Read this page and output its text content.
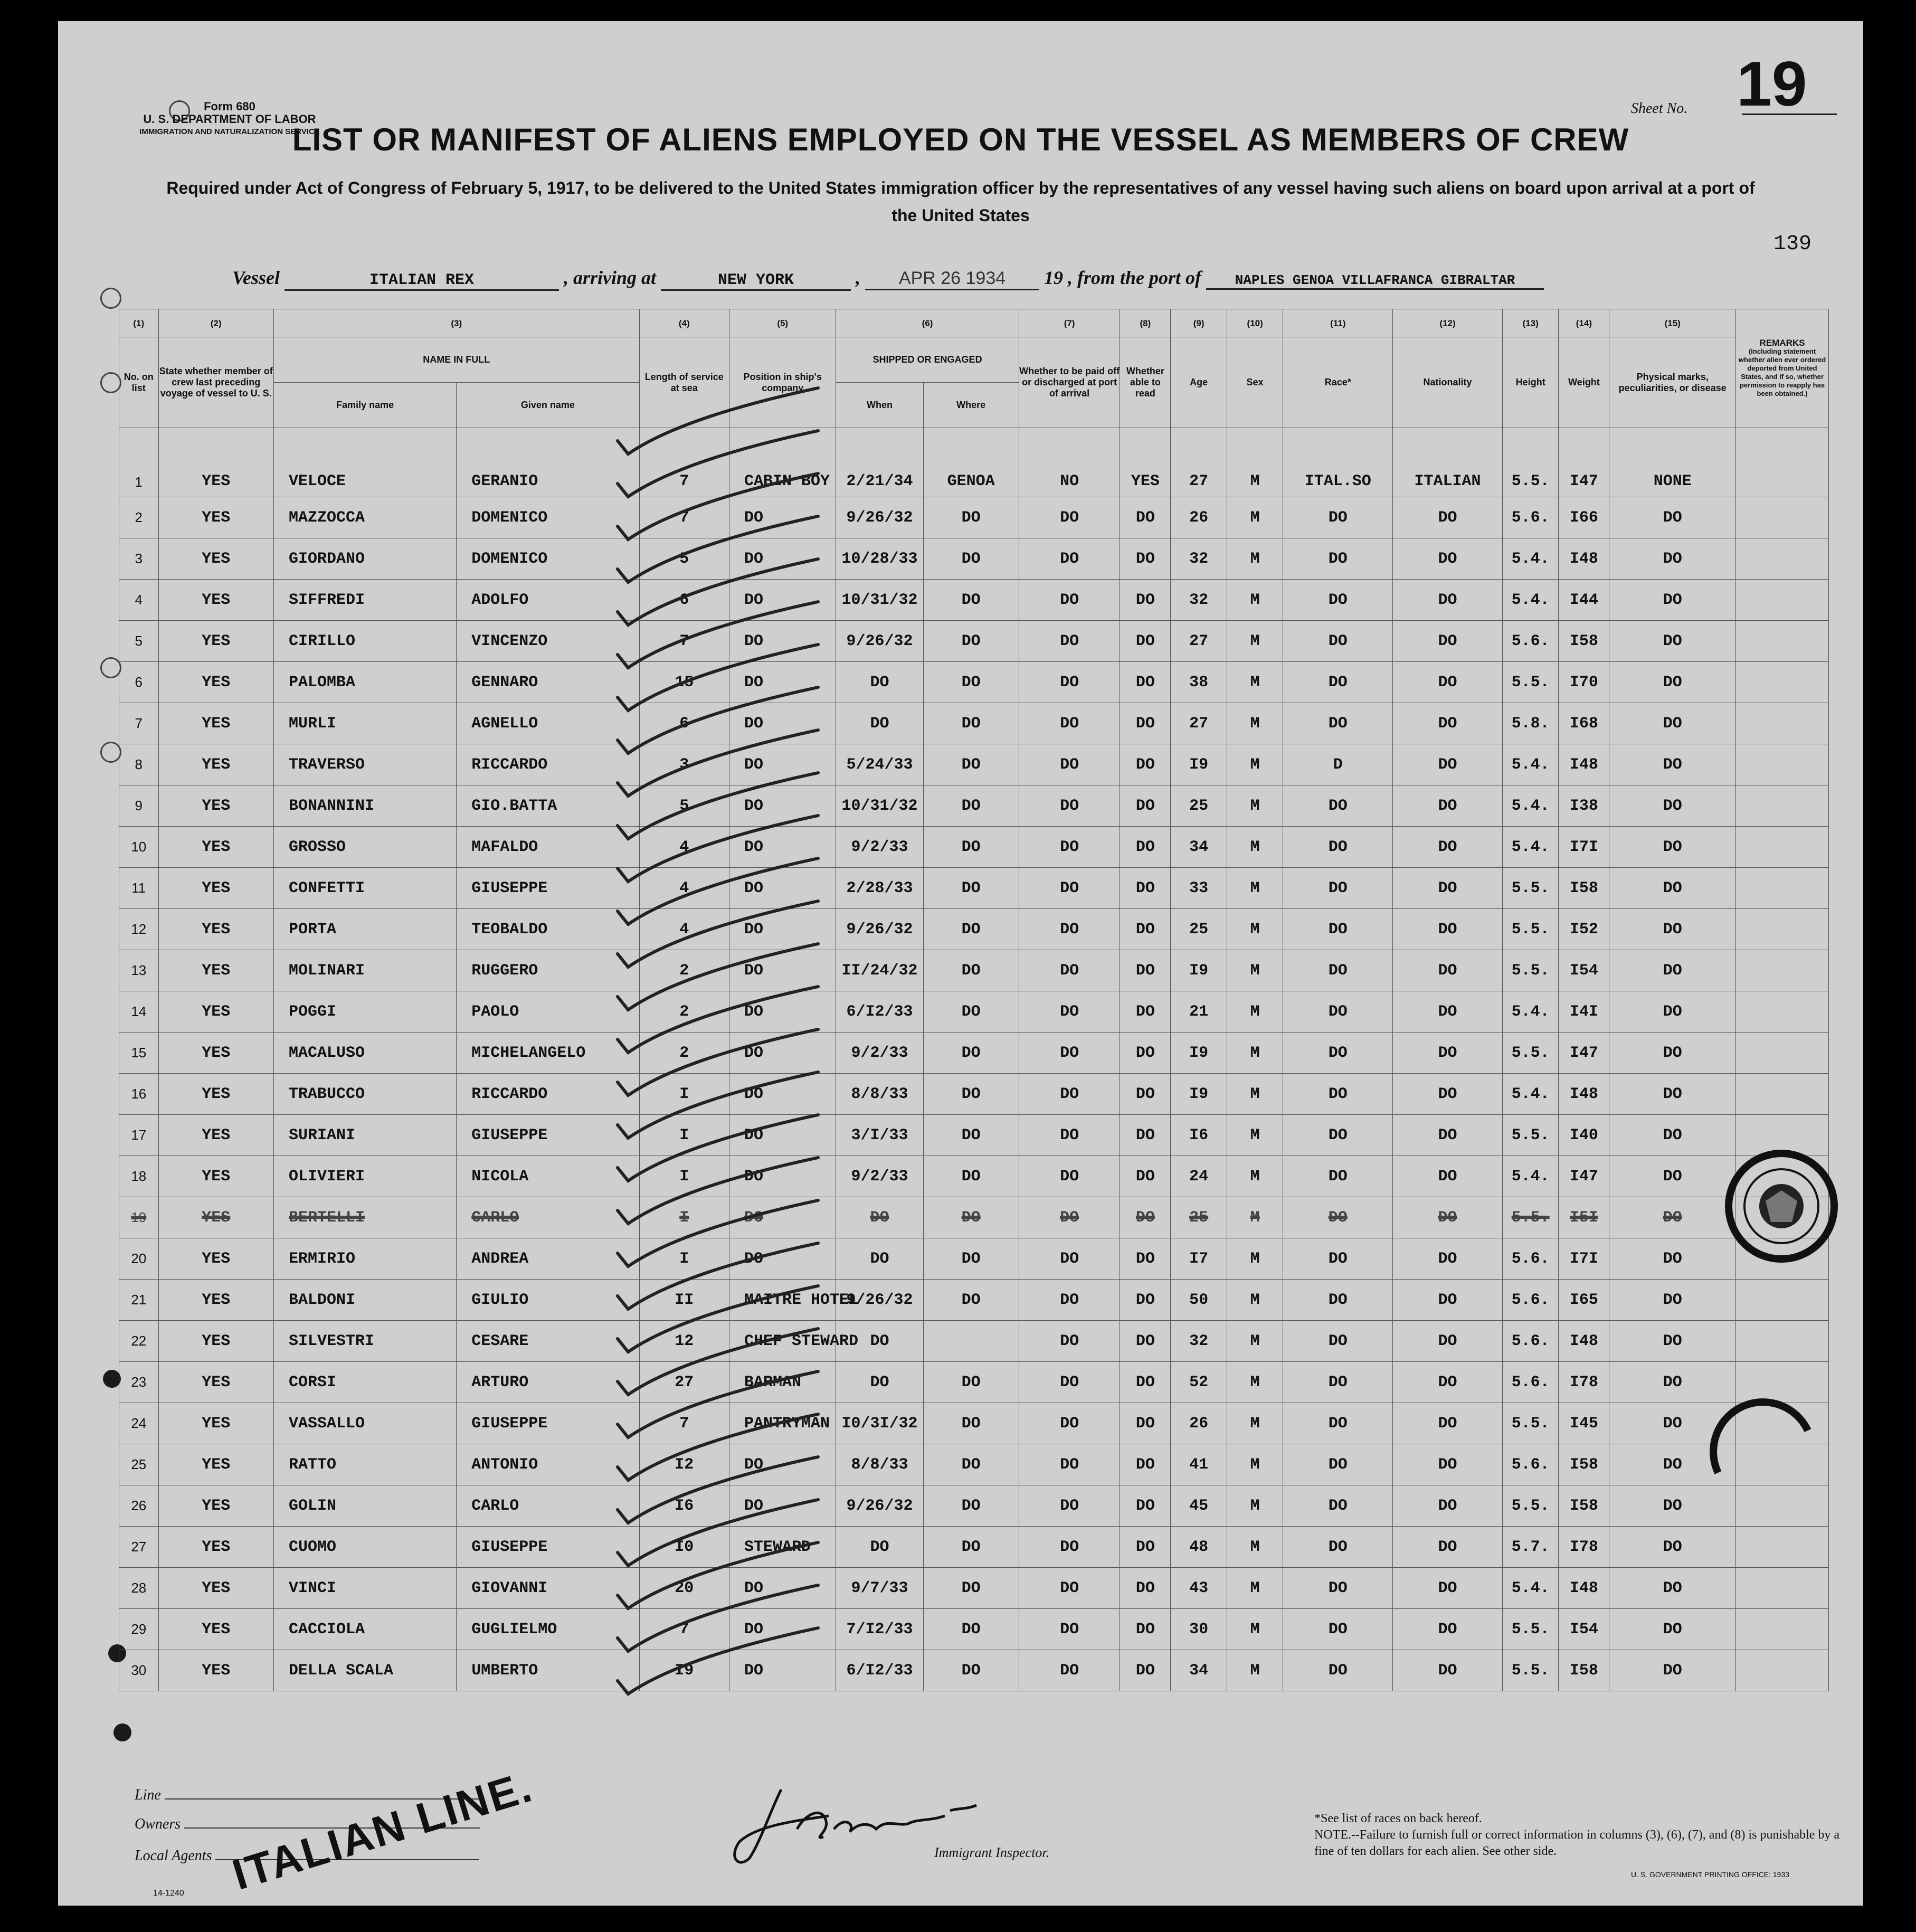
Form 680
U. S. DEPARTMENT OF LABOR
IMMIGRATION AND NATURALIZATION SERVICE
Sheet No. 19
LIST OR MANIFEST OF ALIENS EMPLOYED ON THE VESSEL AS MEMBERS OF CREW
Required under Act of Congress of February 5, 1917, to be delivered to the United States immigration officer by the representatives of any vessel having such aliens on board upon arrival at a port of the United States
139
Vessel	ITALIAN REX	, arriving at	NEW YORK	, APR 26 1934 19 , from the port of NAPLES GENOA VILLAFRANCA GIBRALTAR
(1)	(2)	(3)		(4)	(5)	(6)		(7)	(8)	(9)	(10)	(11)	(12)	(13)	(14)	(15)	REMARKS
(Including statement whether alien ever ordered deported from United States, and if so, whether permission to reapply has been obtained.)

No. on list	State whether member of crew last preceding voyage of vessel to U. S.	NAME IN FULL		Length of service at sea	Position in ship's company	SHIPPED OR ENGAGED		Whether to be paid off or discharged at port of arrival	Whether able to read	Age	Sex	Race*	Nationality	Height	Weight	Physical marks, peculiarities, or disease	
		Family name	Given name			When	Where										
1	YES	VELOCE	GERANIO	7	CABIN BOY	2/21/34	GENOA	NO	YES	27	M	ITAL.SO	ITALIAN	5.5.	I47	NONE	
2	YES	MAZZOCCA	DOMENICO	7	DO	9/26/32	DO	DO	DO	26	M	DO	DO	5.6.	I66	DO	
3	YES	GIORDANO	DOMENICO	5	DO	10/28/33	DO	DO	DO	32	M	DO	DO	5.4.	I48	DO	
4	YES	SIFFREDI	ADOLFO	6	DO	10/31/32	DO	DO	DO	32	M	DO	DO	5.4.	I44	DO	
5	YES	CIRILLO	VINCENZO	7	DO	9/26/32	DO	DO	DO	27	M	DO	DO	5.6.	I58	DO	
6	YES	PALOMBA	GENNARO	15	DO	DO	DO	DO	DO	38	M	DO	DO	5.5.	I70	DO	
7	YES	MURLI	AGNELLO	6	DO	DO	DO	DO	DO	27	M	DO	DO	5.8.	I68	DO	
8	YES	TRAVERSO	RICCARDO	3	DO	5/24/33	DO	DO	DO	I9	M	D	DO	5.4.	I48	DO	
9	YES	BONANNINI	GIO.BATTA	5	DO	10/31/32	DO	DO	DO	25	M	DO	DO	5.4.	I38	DO	
10	YES	GROSSO	MAFALDO	4	DO	9/2/33	DO	DO	DO	34	M	DO	DO	5.4.	I7I	DO	
11	YES	CONFETTI	GIUSEPPE	4	DO	2/28/33	DO	DO	DO	33	M	DO	DO	5.5.	I58	DO	
12	YES	PORTA	TEOBALDO	4	DO	9/26/32	DO	DO	DO	25	M	DO	DO	5.5.	I52	DO	
13	YES	MOLINARI	RUGGERO	2	DO	II/24/32	DO	DO	DO	I9	M	DO	DO	5.5.	I54	DO	
14	YES	POGGI	PAOLO	2	DO	6/I2/33	DO	DO	DO	21	M	DO	DO	5.4.	I4I	DO	
15	YES	MACALUSO	MICHELANGELO	2	DO	9/2/33	DO	DO	DO	I9	M	DO	DO	5.5.	I47	DO	
16	YES	TRABUCCO	RICCARDO	I	DO	8/8/33	DO	DO	DO	I9	M	DO	DO	5.4.	I48	DO	
17	YES	SURIANI	GIUSEPPE	I	DO	3/I/33	DO	DO	DO	I6	M	DO	DO	5.5.	I40	DO	
18	YES	OLIVIERI	NICOLA	I	DO	9/2/33	DO	DO	DO	24	M	DO	DO	5.4.	I47	DO	
19	YES	BERTELLI	CARLO	I	DO	DO	DO	DO	DO	25	M	DO	DO	5.5.	I5I	DO	
20	YES	ERMIRIO	ANDREA	I	DO	DO	DO	DO	DO	I7	M	DO	DO	5.6.	I7I	DO	
21	YES	BALDONI	GIULIO	II	MAITRE HOTEL	9/26/32	DO	DO	DO	50	M	DO	DO	5.6.	I65	DO	
22	YES	SILVESTRI	CESARE	12	CHEF STEWARD	DO		DO	DO	32	M	DO	DO	5.6.	I48	DO	
23	YES	CORSI	ARTURO	27	BARMAN	DO	DO	DO	DO	52	M	DO	DO	5.6.	I78	DO	
24	YES	VASSALLO	GIUSEPPE	7	PANTRYMAN	I0/3I/32	DO	DO	DO	26	M	DO	DO	5.5.	I45	DO	
25	YES	RATTO	ANTONIO	I2	DO	8/8/33	DO	DO	DO	41	M	DO	DO	5.6.	I58	DO	
26	YES	GOLIN	CARLO	I6	DO	9/26/32	DO	DO	DO	45	M	DO	DO	5.5.	I58	DO	
27	YES	CUOMO	GIUSEPPE	I0	STEWARD	DO	DO	DO	DO	48	M	DO	DO	5.7.	I78	DO	
28	YES	VINCI	GIOVANNI	20	DO	9/7/33	DO	DO	DO	43	M	DO	DO	5.4.	I48	DO	
29	YES	CACCIOLA	GUGLIELMO	7	DO	7/I2/33	DO	DO	DO	30	M	DO	DO	5.5.	I54	DO	
30	YES	DELLA SCALA	UMBERTO	I9	DO	6/I2/33	DO	DO	DO	34	M	DO	DO	5.5.	I58	DO	
Line
Owners
Local Agents
14-1240 ITALIAN LINE.	Immigrant Inspector.
*See list of races on back hereof.
NOTE.--Failure to furnish full or correct information in columns (3), (6), (7), and (8) is punishable by a fine of ten dollars for each alien. See other side.
U. S. GOVERNMENT PRINTING OFFICE: 1933
